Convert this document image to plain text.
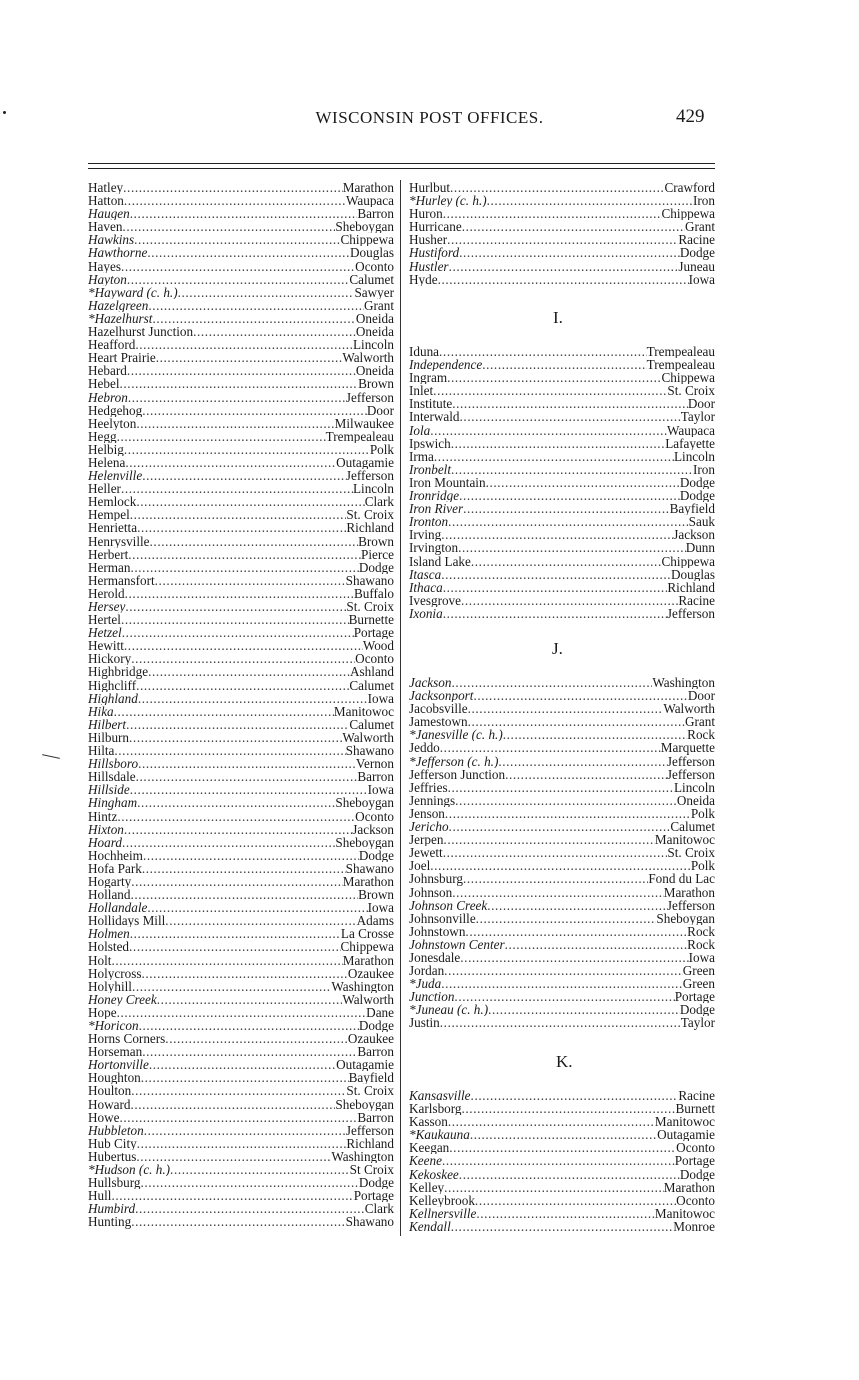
WISCONSIN POST OFFICES.	429
Hatley .....	Marathon
Hatton .....	Waupaca
Haugen .....	Barron
Haven .....	Sheboygan
Hawkins .....	Chippewa
Hawthorne .....	Douglas
Hayes .....	Oconto
Hayton .....	Calumet
*Hayward (c. h.) .....	Sawyer
Hazelgreen .....	Grant
*Hazelhurst .....	Oneida
Hazelhurst Junction .....	Oneida
Heafford .....	Lincoln
Heart Prairie .....	Walworth
Hebard .....	Oneida
Hebel .....	Brown
Hebron .....	Jefferson
Hedgehog .....	Door
Heelyton .....	Milwaukee
Hegg .....	Trempealeau
Helbig .....	Polk
Helena .....	Outagamie
Helenville .....	Jefferson
Heller .....	Lincoln
Hemlock .....	Clark
Hempel .....	St. Croix
Henrietta .....	Richland
Henrysville .....	Brown
Herbert .....	Pierce
Herman .....	Dodge
Hermansfort .....	Shawano
Herold .....	Buffalo
Hersey .....	St. Croix
Hertel .....	Burnette
Hetzel .....	Portage
Hewitt .....	Wood
Hickory .....	Oconto
Highbridge .....	Ashland
Highcliff .....	Calumet
Highland .....	Iowa
Hika .....	Manitowoc
Hilbert .....	Calumet
Hilburn .....	Walworth
Hilta .....	Shawano
Hillsboro .....	Vernon
Hillsdale .....	Barron
Hillside .....	Iowa
Hingham .....	Sheboygan
Hintz .....	Oconto
Hixton .....	Jackson
Hoard .....	Sheboygan
Hochheim .....	Dodge
Hofa Park .....	Shawano
Hogarty .....	Marathon
Holland .....	Brown
Hollandale .....	Iowa
Hollidays Mill .....	Adams
Holmen .....	La Crosse
Holsted .....	Chippewa
Holt .....	Marathon
Holycross .....	Ozaukee
Holyhill .....	Washington
Honey Creek .....	Walworth
Hope .....	Dane
*Horicon .....	Dodge
Horns Corners .....	Ozaukee
Horseman .....	Barron
Hortonville .....	Outagamie
Houghton .....	Bayfield
Houlton .....	St. Croix
Howard .....	Sheboygan
Howe .....	Barron
Hubbleton .....	Jefferson
Hub City .....	Richland
Hubertus .....	Washington
*Hudson (c. h.) .....	St Croix
Hullsburg .....	Dodge
Hull .....	Portage
Humbird .....	Clark
Hunting .....	Shawano
Hurlbut .....	Crawford
*Hurley (c. h.) .....	Iron
Huron .....	Chippewa
Hurricane .....	Grant
Husher .....	Racine
Hustiford .....	Dodge
Hustler .....	Juneau
Hyde .....	Iowa
I.
Iduna .....	Trempealeau
Independence .....	Trempealeau
Ingram .....	Chippewa
Inlet .....	St. Croix
Institute .....	Door
Interwald .....	Taylor
Iola .....	Waupaca
Ipswich .....	Lafayette
Irma .....	Lincoln
Ironbelt .....	Iron
Iron Mountain .....	Dodge
Ironridge .....	Dodge
Iron River .....	Bayfield
Ironton .....	Sauk
Irving .....	Jackson
Irvington .....	Dunn
Island Lake .....	Chippewa
Itasca .....	Douglas
Ithaca .....	Richland
Ivesgrove .....	Racine
Ixonia .....	Jefferson
J.
Jackson .....	Washington
Jacksonport .....	Door
Jacobsville .....	Walworth
Jamestown .....	Grant
*Janesville (c. h.) .....	Rock
Jeddo .....	Marquette
*Jefferson (c. h.) .....	Jefferson
Jefferson Junction .....	Jefferson
Jeffries .....	Lincoln
Jennings .....	Oneida
Jenson .....	Polk
Jericho .....	Calumet
Jerpen .....	Manitowoc
Jewett .....	St. Croix
Joel .....	Polk
Johnsburg .....	Fond du Lac
Johnson .....	Marathon
Johnson Creek .....	Jefferson
Johnsonville .....	Sheboygan
Johnstown .....	Rock
Johnstown Center .....	Rock
Jonesdale .....	Iowa
Jordan .....	Green
*Juda .....	Green
Junction .....	Portage
*Juneau (c. h.) .....	Dodge
Justin .....	Taylor
K.
Kansasville .....	Racine
Karlsborg .....	Burnett
Kasson .....	Manitowoc
*Kaukauna .....	Outagamie
Keegan .....	Oconto
Keene .....	Portage
Kekoskee .....	Dodge
Kelley .....	Marathon
Kelleybrook .....	Oconto
Kellnersville .....	Manitowoc
Kendall .....	Monroe
